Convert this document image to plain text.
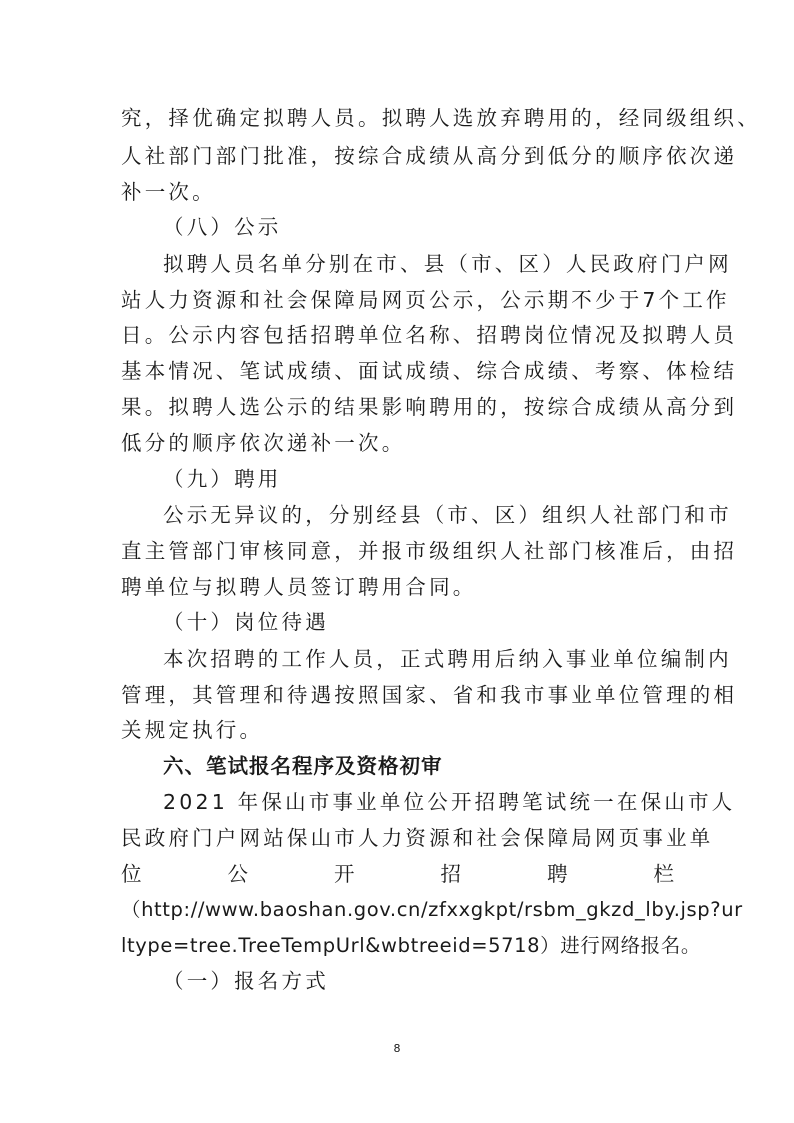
究，择优确定拟聘人员。拟聘人选放弃聘用的，经同级组织、
人社部门部门批准，按综合成绩从高分到低分的顺序依次递
补一次。
（八）公示
拟聘人员名单分别在市、县（市、区）人民政府门户网
站人力资源和社会保障局网页公示，公示期不少于7个工作
日。公示内容包括招聘单位名称、招聘岗位情况及拟聘人员
基本情况、笔试成绩、面试成绩、综合成绩、考察、体检结
果。拟聘人选公示的结果影响聘用的，按综合成绩从高分到
低分的顺序依次递补一次。
（九）聘用
公示无异议的，分别经县（市、区）组织人社部门和市
直主管部门审核同意，并报市级组织人社部门核准后，由招
聘单位与拟聘人员签订聘用合同。
（十）岗位待遇
本次招聘的工作人员，正式聘用后纳入事业单位编制内
管理，其管理和待遇按照国家、省和我市事业单位管理的相
关规定执行。
六、笔试报名程序及资格初审
2021 年保山市事业单位公开招聘笔试统一在保山市人
民政府门户网站保山市人力资源和社会保障局网页事业单
位	公	开	招	聘	栏
（http://www.baoshan.gov.cn/zfxxgkpt/rsbm_gkzd_lby.jsp?ur
ltype=tree.TreeTempUrl&wbtreeid=5718）进行网络报名。
（一）报名方式
8
